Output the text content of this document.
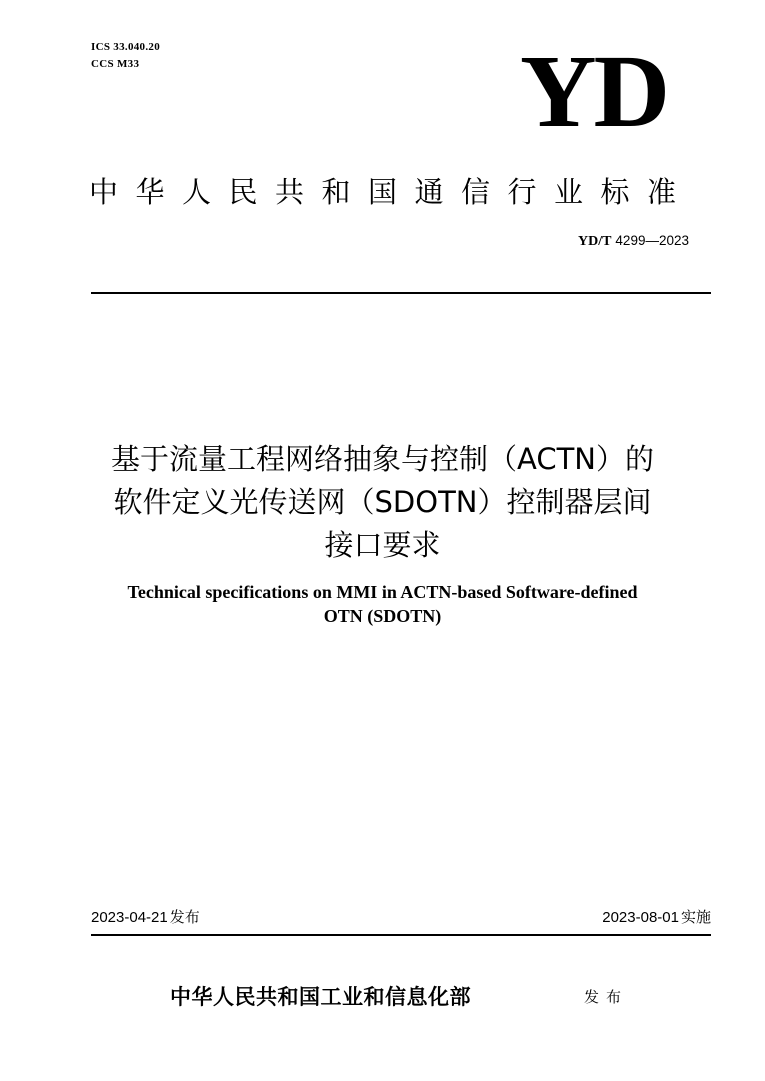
ICS 33.040.20
CCS M33	YD
中华人民共和国通信行业标准
YD/T 4299—2023
基于流量工程网络抽象与控制（ACTN）的
软件定义光传送网（SDOTN）控制器层间
接口要求
Technical specifications on MMI in ACTN-based Software-defined
OTN (SDOTN)
2023-04-21 发布	2023-08-01 实施
中华人民共和国工业和信息化部	发布
